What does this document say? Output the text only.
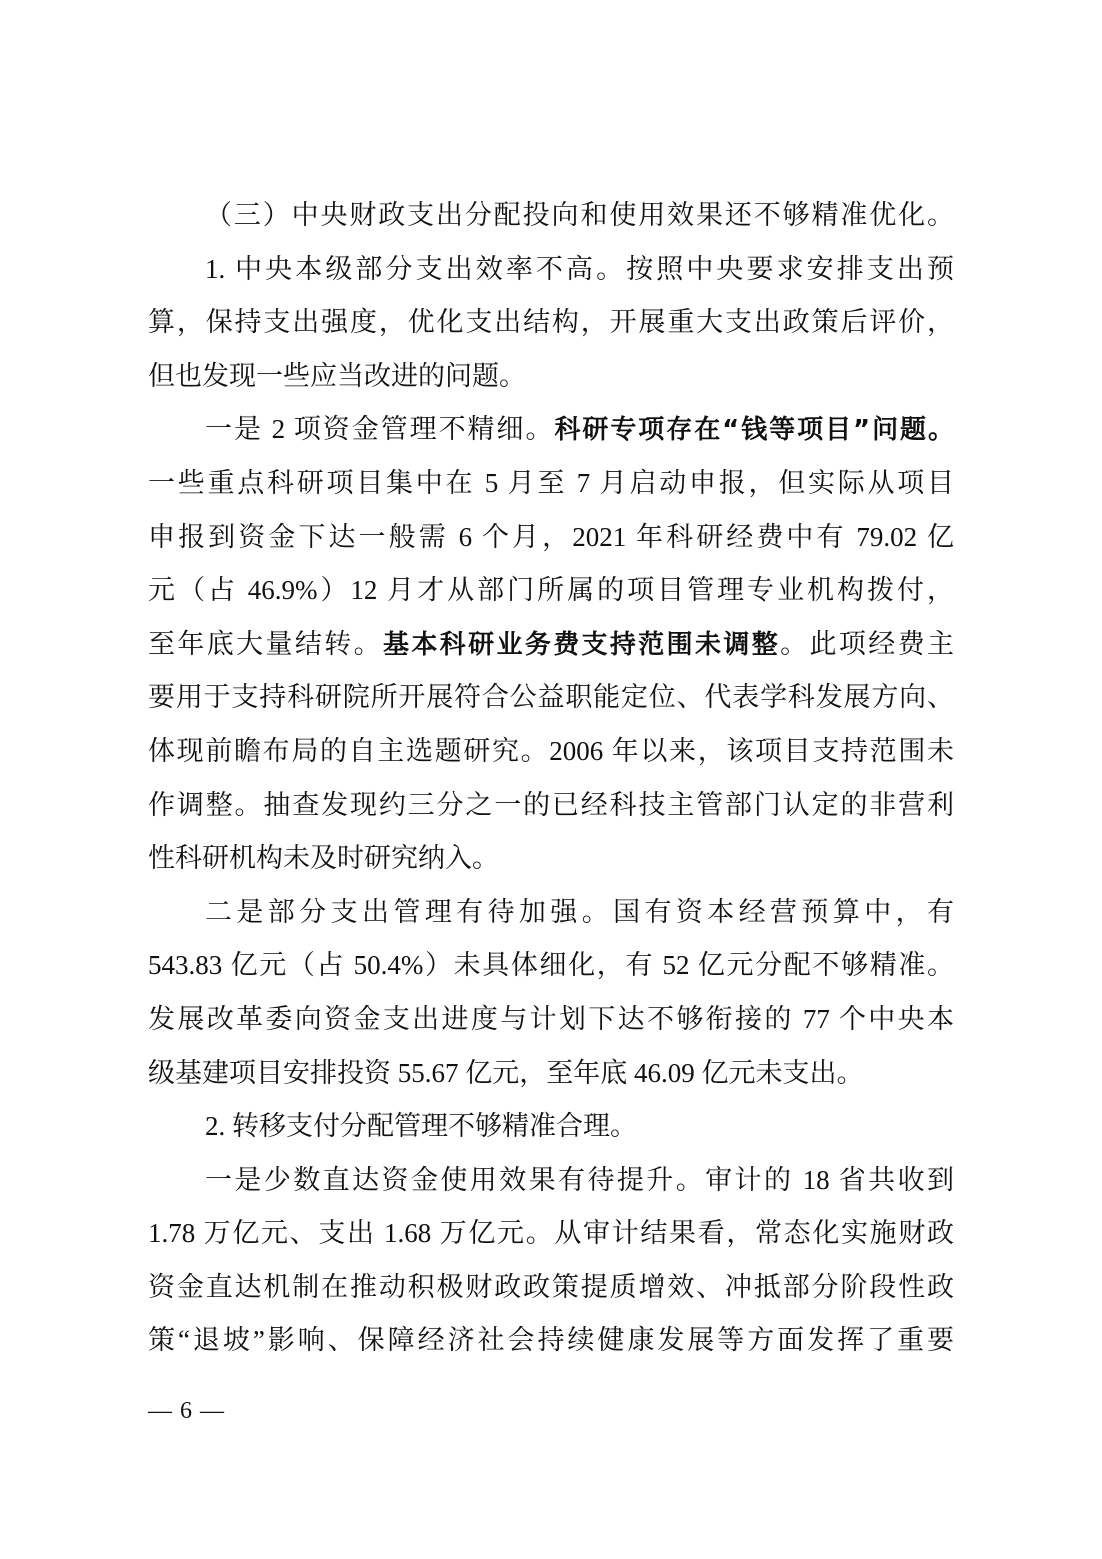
（三）中央财政支出分配投向和使用效果还不够精准优化。
1. 中央本级部分支出效率不高。按照中央要求安排支出预
算，保持支出强度，优化支出结构，开展重大支出政策后评价，
但也发现一些应当改进的问题。
一是 2 项资金管理不精细。科研专项存在“钱等项目”问题。
一些重点科研项目集中在 5 月至 7 月启动申报，但实际从项目
申报到资金下达一般需 6 个月，2021 年科研经费中有 79.02 亿
元（占 46.9%）12 月才从部门所属的项目管理专业机构拨付，
至年底大量结转。基本科研业务费支持范围未调整。此项经费主
要用于支持科研院所开展符合公益职能定位、代表学科发展方向、
体现前瞻布局的自主选题研究。2006 年以来，该项目支持范围未
作调整。抽查发现约三分之一的已经科技主管部门认定的非营利
性科研机构未及时研究纳入。
二是部分支出管理有待加强。国有资本经营预算中，有
543.83 亿元（占 50.4%）未具体细化，有 52 亿元分配不够精准。
发展改革委向资金支出进度与计划下达不够衔接的 77 个中央本
级基建项目安排投资 55.67 亿元，至年底 46.09 亿元未支出。
2. 转移支付分配管理不够精准合理。
一是少数直达资金使用效果有待提升。审计的 18 省共收到
1.78 万亿元、支出 1.68 万亿元。从审计结果看，常态化实施财政
资金直达机制在推动积极财政政策提质增效、冲抵部分阶段性政
策“退坡”影响、保障经济社会持续健康发展等方面发挥了重要
— 6 —
